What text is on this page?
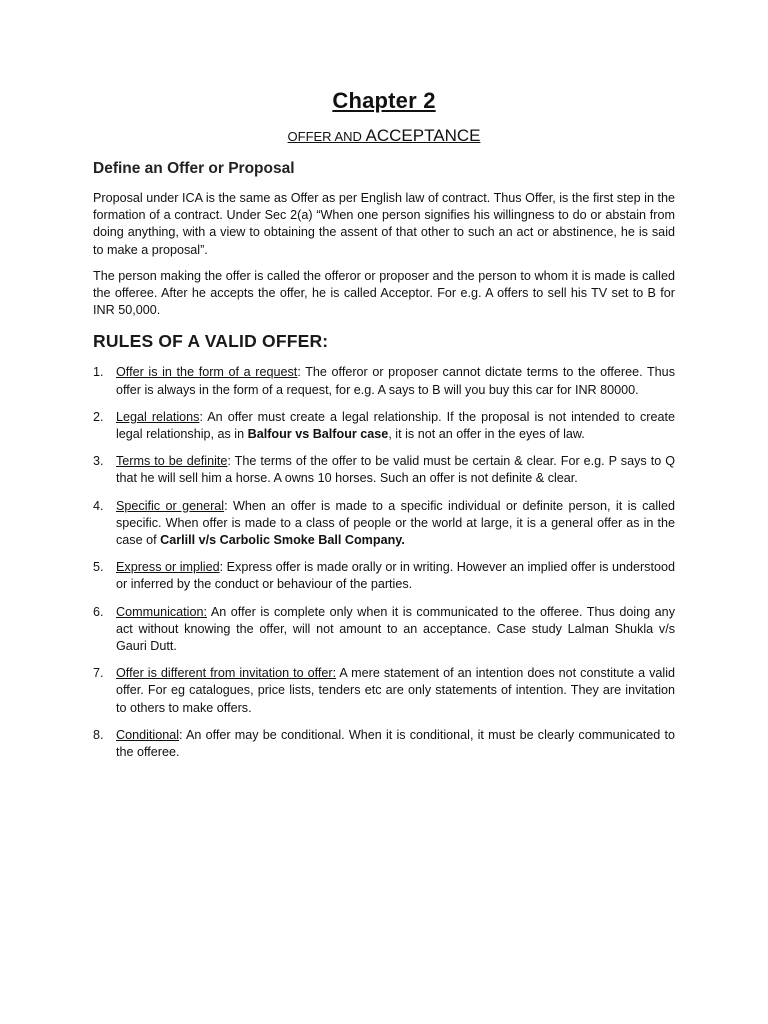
Chapter 2
OFFER AND ACCEPTANCE
Define an Offer or Proposal

Proposal under ICA is the same as Offer as per English law of contract. Thus Offer, is the first step in the formation of a contract. Under Sec 2(a) “When one person signifies his willingness to do or abstain from doing anything, with a view to obtaining the assent of that other to such an act or abstinence, he is said to make a proposal”.

The person making the offer is called the offeror or proposer and the person to whom it is made is called the offeree. After he accepts the offer, he is called Acceptor. For e.g. A offers to sell his TV set to B for INR 50,000.

RULES OF A VALID OFFER:
1. Offer is in the form of a request: The offeror or proposer cannot dictate terms to the offeree. Thus offer is always in the form of a request, for e.g. A says to B will you buy this car for INR 80000.
2. Legal relations: An offer must create a legal relationship. If the proposal is not intended to create legal relationship, as in Balfour vs Balfour case, it is not an offer in the eyes of law.
3. Terms to be definite: The terms of the offer to be valid must be certain & clear. For e.g. P says to Q that he will sell him a horse. A owns 10 horses. Such an offer is not definite & clear.
4. Specific or general: When an offer is made to a specific individual or definite person, it is called specific. When offer is made to a class of people or the world at large, it is a general offer as in the case of Carlill v/s Carbolic Smoke Ball Company.
5. Express or implied: Express offer is made orally or in writing. However an implied offer is understood or inferred by the conduct or behaviour of the parties.
6. Communication: An offer is complete only when it is communicated to the offeree. Thus doing any act without knowing the offer, will not amount to an acceptance. Case study Lalman Shukla v/s Gauri Dutt.
7. Offer is different from invitation to offer: A mere statement of an intention does not constitute a valid offer. For eg catalogues, price lists, tenders etc are only statements of intention. They are invitation to others to make offers.
8. Conditional: An offer may be conditional. When it is conditional, it must be clearly communicated to the offeree.
